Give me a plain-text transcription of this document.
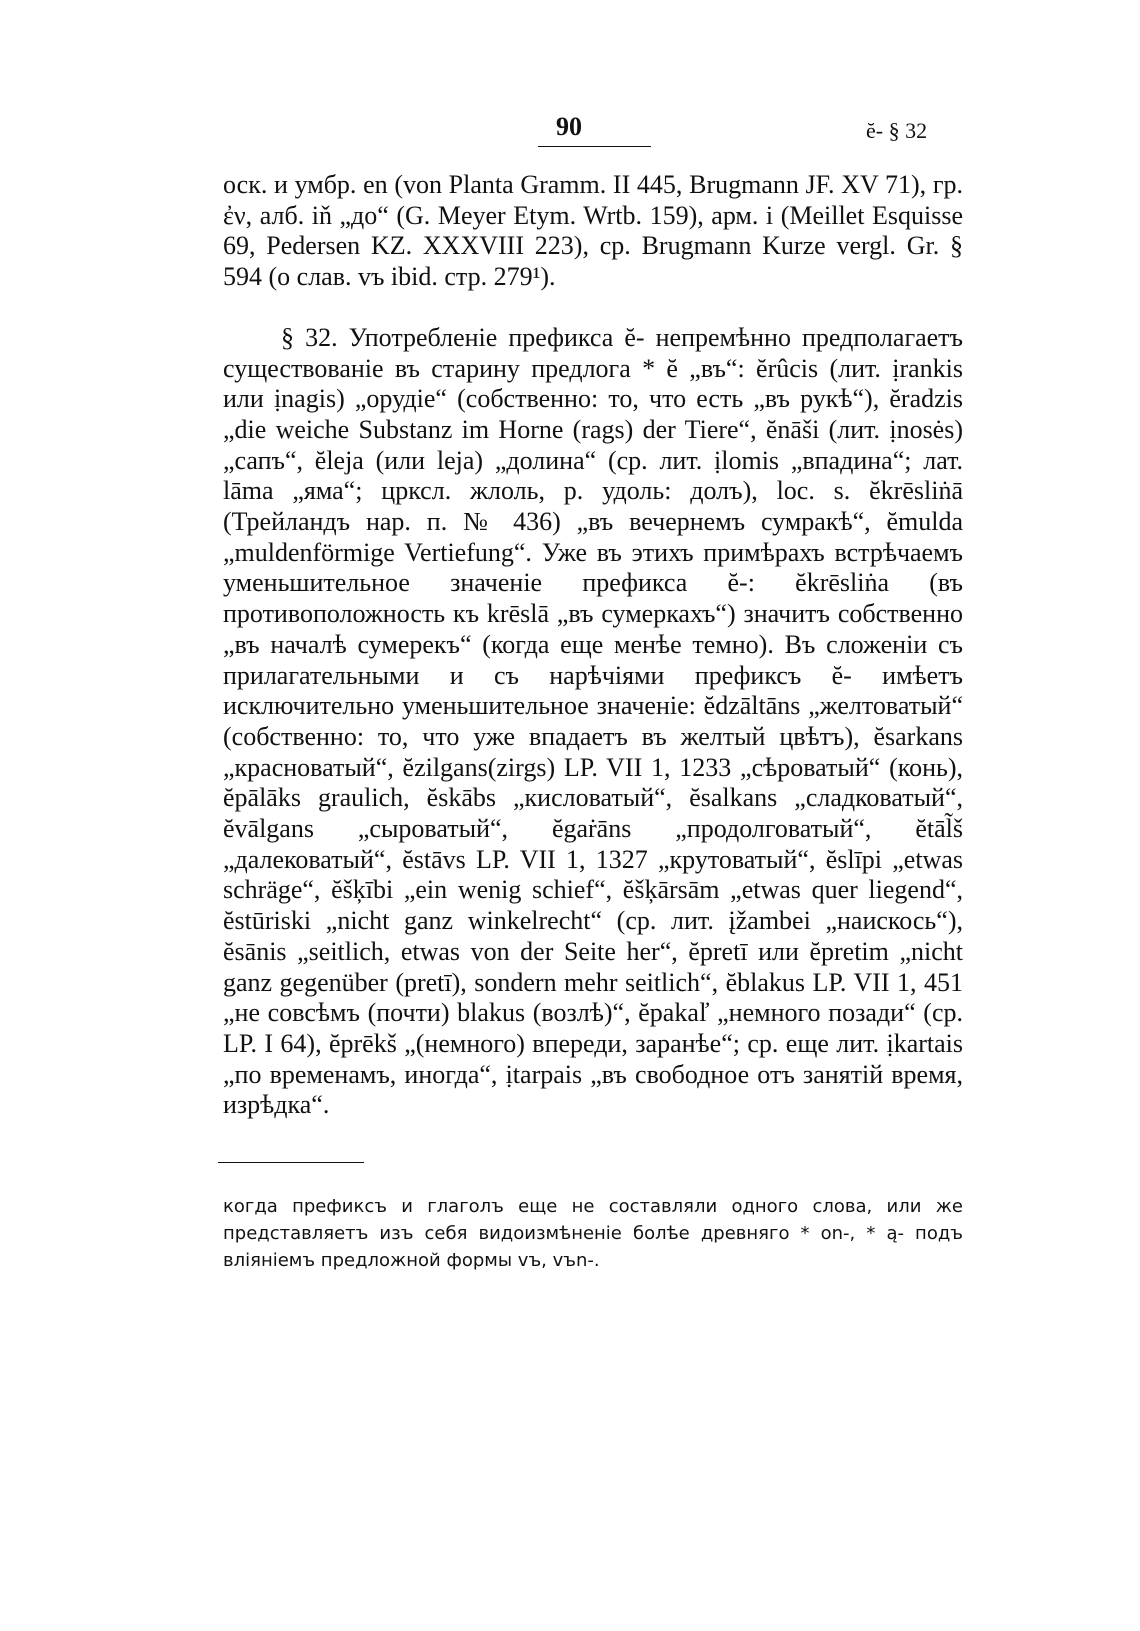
90	ĕ- § 32

оск. и умбр. en (von Planta Gramm. II 445, Brugmann JF. XV 71), гр. ἐν, алб. iň „до“ (G. Meyer Etym. Wrtb. 159), арм. i (Meillet Esquisse 69, Pedersen KZ. XXXVIII 223), ср. Brugmann Kurze vergl. Gr. § 594 (о слав. vъ ibid. стр. 279¹).

§ 32. Употребленіе префикса ĕ- непремѣнно предполагаетъ существованіе въ старину предлога * ĕ „въ“: ĕrûcis (лит. ịrankis или ịnagis) „орудіе“ (собственно: то, что есть „въ рукѣ“), ĕradzis „die weiche Substanz im Horne (rags) der Tiere“, ĕnāši (лит. ịnosės) „сапъ“, ĕleja (или leja) „долина“ (ср. лит. ịlomis „впадина“; лат. lāma „яма“; црксл. жлоль, р. удоль: долъ), loc. s. ĕkrēsliṅā (Трейландъ нар. п. № 436) „въ вечернемъ сумракѣ“, ĕmulda „muldenförmige Vertiefung“. Уже въ этихъ примѣрахъ встрѣчаемъ уменьшительное значеніе префикса ĕ-: ĕkrēsliṅa (въ противоположность къ krēslā „въ сумеркахъ“) значитъ собственно „въ началѣ сумерекъ“ (когда еще менѣе темно). Въ сложеніи съ прилагательными и съ нарѣчіями префиксъ ĕ- имѣетъ исключительно уменьшительное значеніе: ĕdzāltāns „желтоватый“ (собственно: то, что уже впадаетъ въ желтый цвѣтъ), ĕsarkans „красноватый“, ĕzilgans(zirgs) LP. VII 1, 1233 „сѣроватый“ (конь), ĕpālāks graulich, ĕskābs „кисловатый“, ĕsalkans „сладковатый“, ĕvālgans „сыроватый“, ĕgaṙāns „продолговатый“, ĕtāl̃š „далековатый“, ĕstāvs LP. VII 1, 1327 „крутоватый“, ĕslīpi „etwas schräge“, ĕšķībi „ein wenig schief“, ĕšķārsām „etwas quer liegend“, ĕstūriski „nicht ganz winkelrecht“ (ср. лит. įžambei „наискось“), ĕsānis „seitlich, etwas von der Seite her“, ĕpretī или ĕpretim „nicht ganz gegenüber (pretī), sondern mehr seitlich“, ĕblakus LP. VII 1, 451 „не совсѣмъ (почти) blakus (возлѣ)“, ĕpakaľ „немного позади“ (ср. LP. I 64), ĕprēkš „(немного) впереди, заранѣе“; ср. еще лит. ịkartais „по временамъ, иногда“, ịtarpais „въ свободное отъ занятій время, изрѣдка“.

когда префиксъ и глаголъ еще не составляли одного слова, или же представляетъ изъ себя видоизмѣненіе болѣе древняго * on-, * ą- подъ вліяніемъ предложной формы vъ, vъn-.
